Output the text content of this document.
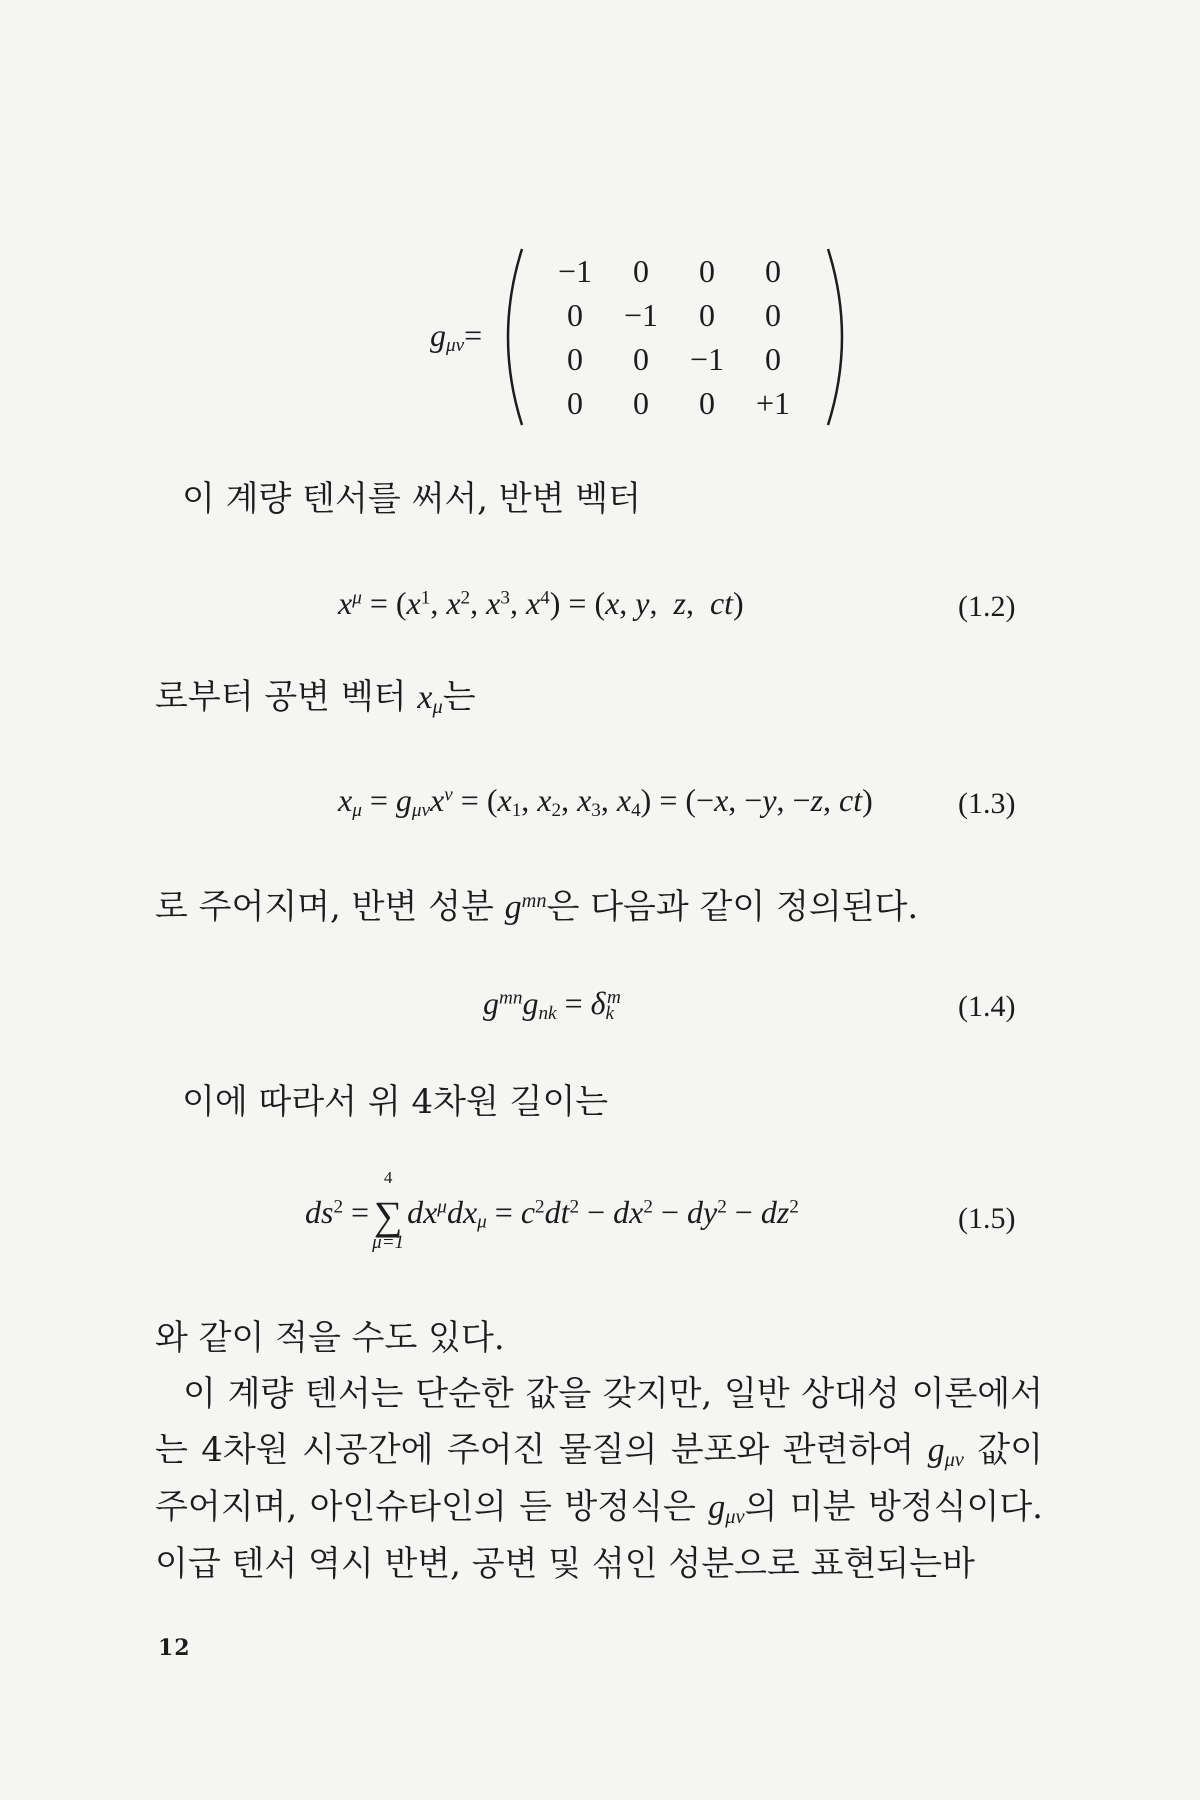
$g_{\mu\nu}=$
−1	0	0	0
0	−1	0	0
0	0	−1	0
0	0	0	+1
이 계량 텐서를 써서, 반변 벡터
$x^\mu = (x^1$, $x^2$, $x^3$, $x^4) = (x$, y,  z,  ct)	(1.2)
로부터 공변 벡터 $x_\mu$는
$x_\mu = g_{\mu\nu}x^\nu = (x_1$, $x_2$, $x_3$, $x_4) = (-x$, −y, −z, ct)	(1.3)
로 주어지며, 반변 성분 $g^{mn}$은 다음과 같이 정의된다.
$g^{mn}g_{nk} = \delta_k^m$	(1.4)
이에 따라서 위 4차원 길이는
$ds^2$ =
4
∑
μ=1
$dx^\mu dx_\mu = c^2dt^2 - dx^2 - dy^2 - dz^2$	(1.5)
와 같이 적을 수도 있다.
이 계량 텐서는 단순한 값을 갖지만, 일반 상대성 이론에서는 4차원 시공간에 주어진 물질의 분포와 관련하여 $g_{\mu\nu}$ 값이 주어지며, 아인슈타인의 듣 방정식은 $g_{\mu\nu}$의 미분 방정식이다. 이급 텐서 역시 반변, 공변 및 섞인 성분으로 표현되는바
12
